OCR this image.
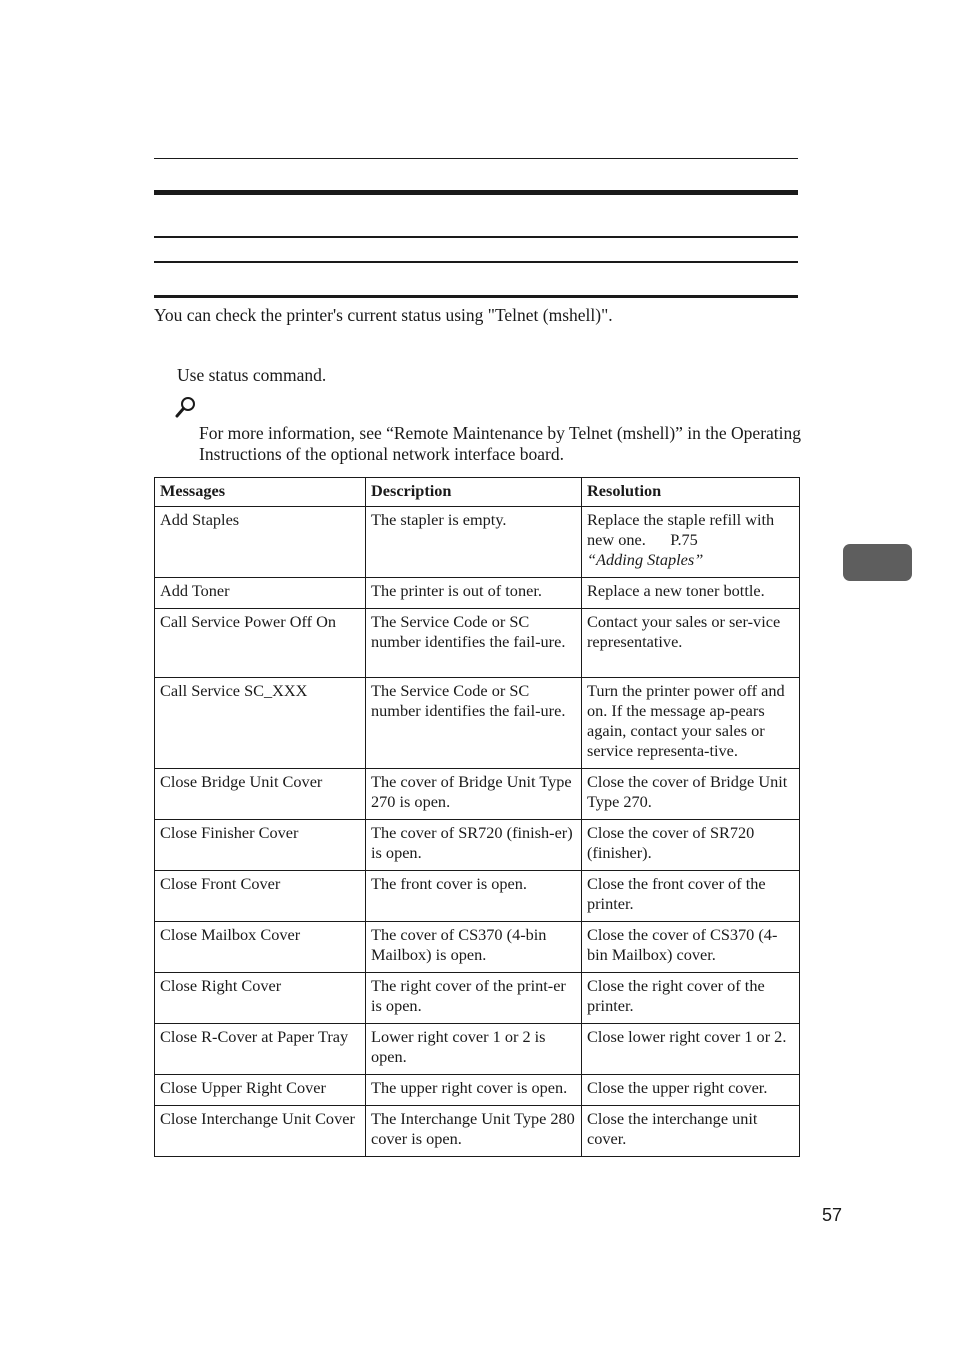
You can check the printer's current status using "Telnet (mshell)".

Use status command.

For more information, see “Remote Maintenance by Telnet (mshell)” in the Operating Instructions of the optional network interface board.

Messages	Description	Resolution
Add Staples	The stapler is empty.	Replace the staple refill with new one. P.75
“Adding Staples”
Add Toner	The printer is out of toner.	Replace a new toner bottle.
Call Service Power Off On	The Service Code or SC number identifies the fail-ure.	Contact your sales or ser-vice representative.
Call Service SC_XXX	The Service Code or SC number identifies the fail-ure.	Turn the printer power off and on. If the message ap-pears again, contact your sales or service representa-tive.
Close Bridge Unit Cover	The cover of Bridge Unit Type 270 is open.	Close the cover of Bridge Unit Type 270.
Close Finisher Cover	The cover of SR720 (finish-er) is open.	Close the cover of SR720 (finisher).
Close Front Cover	The front cover is open.	Close the front cover of the printer.
Close Mailbox Cover	The cover of CS370 (4-bin Mailbox) is open.	Close the cover of CS370 (4-bin Mailbox) cover.
Close Right Cover	The right cover of the print-er is open.	Close the right cover of the printer.
Close R-Cover at Paper Tray	Lower right cover 1 or 2 is open.	Close lower right cover 1 or 2.
Close Upper Right Cover	The upper right cover is open.	Close the upper right cover.
Close Interchange Unit Cover	The Interchange Unit Type 280 cover is open.	Close the interchange unit cover.

57
